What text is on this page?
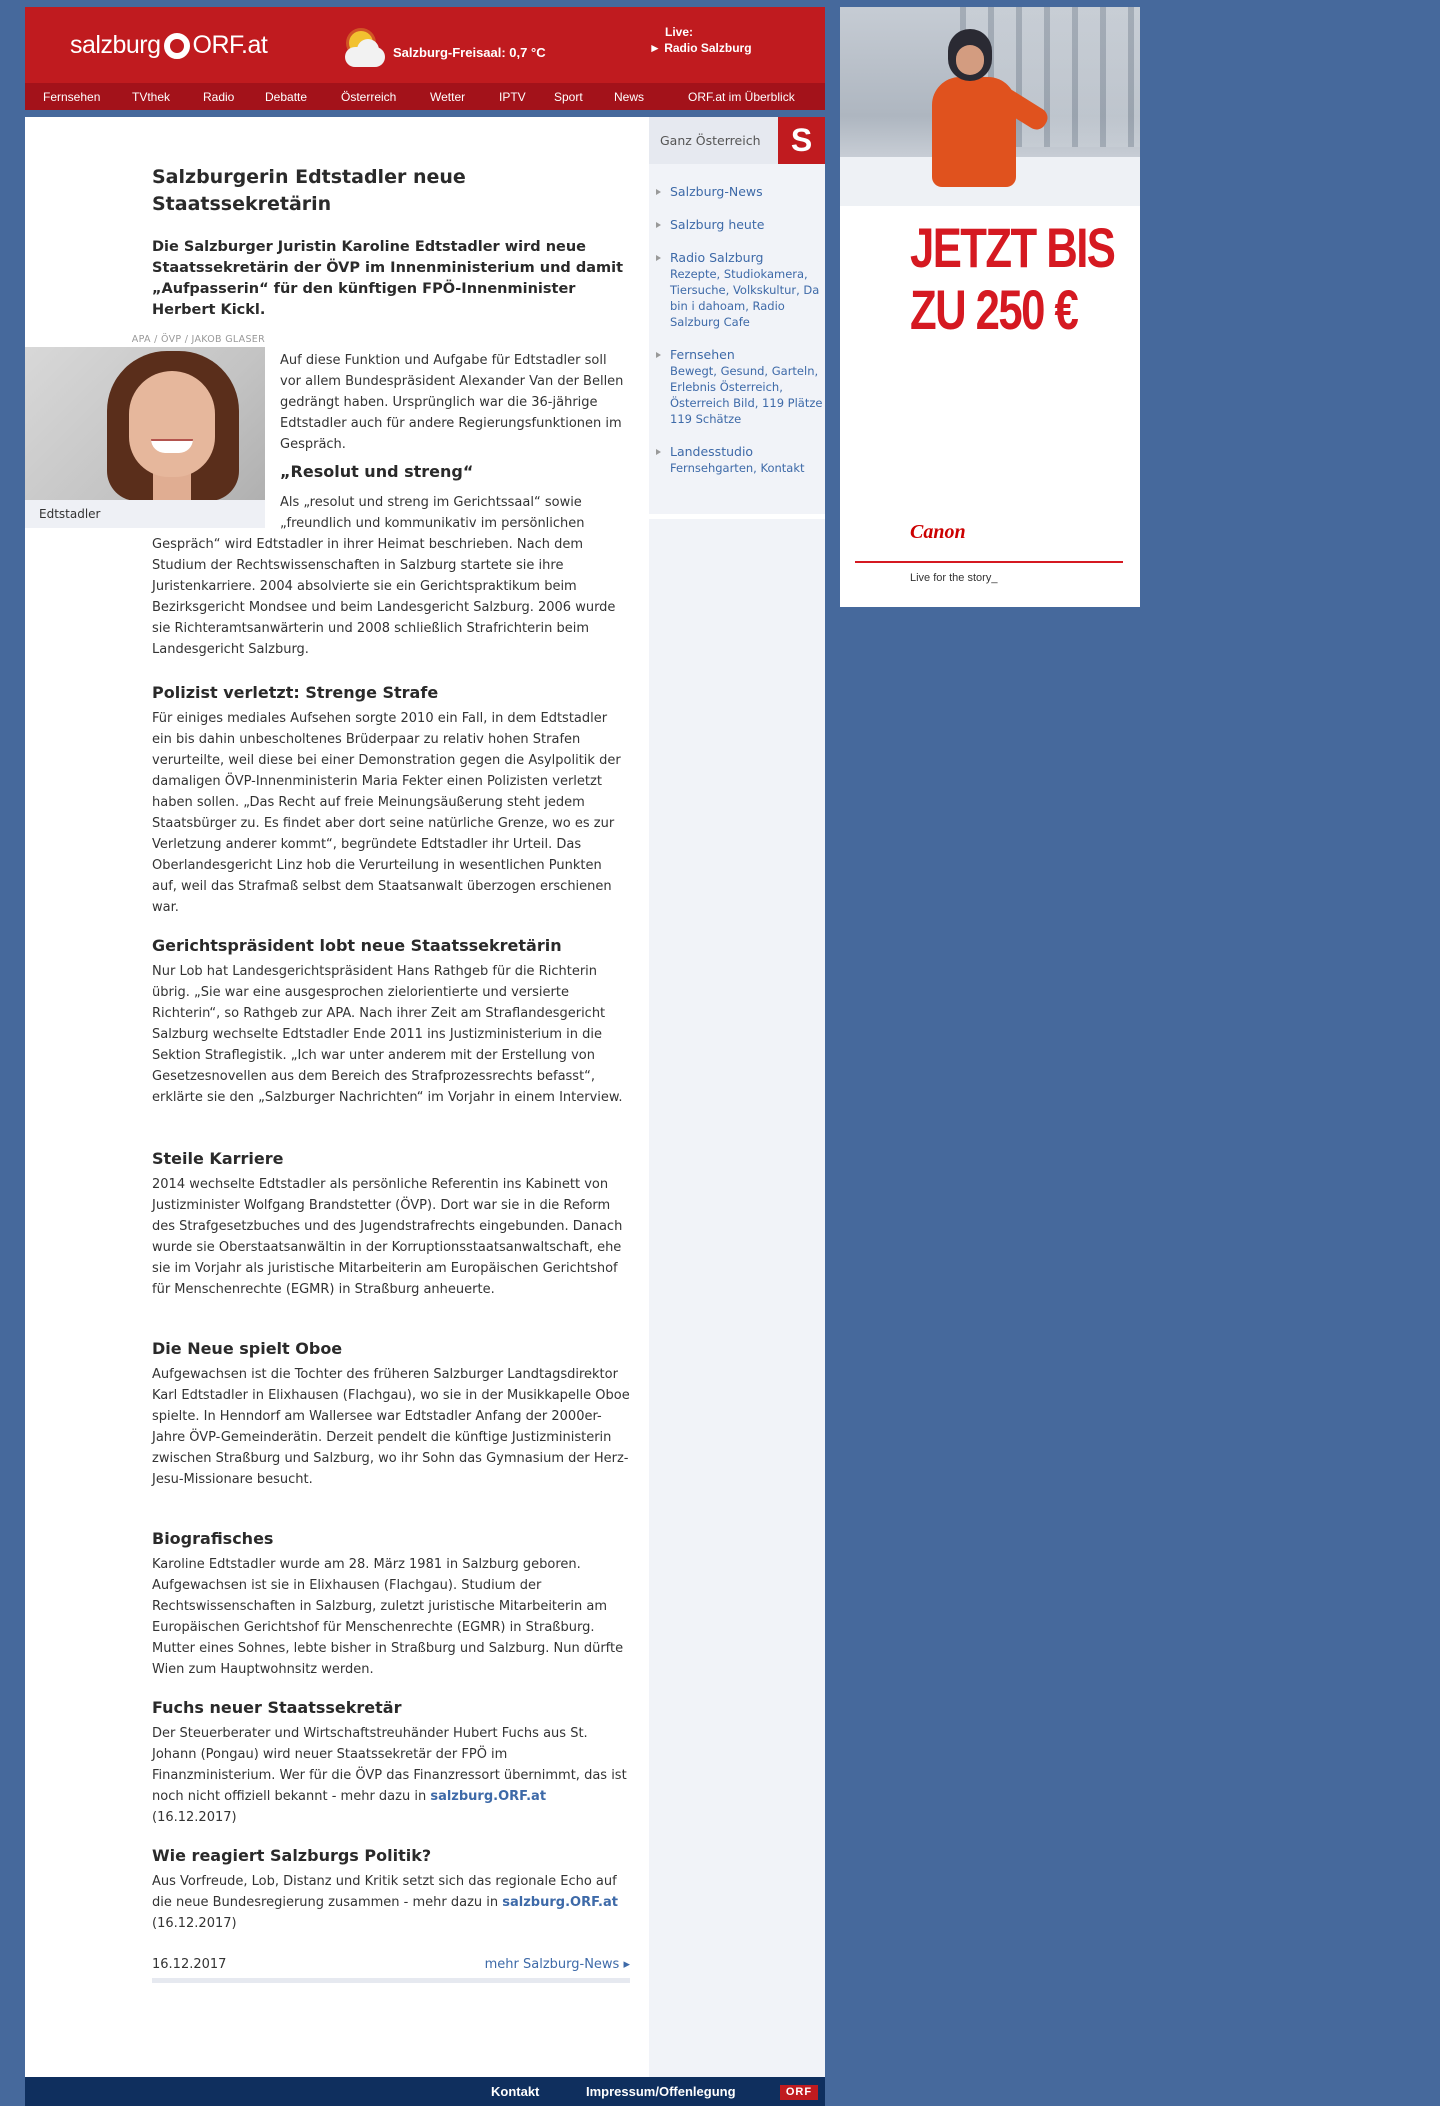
salzburg ORF.at	Salzburg-Freisaal: 0,7 °C
Live:
► Radio Salzburg
Fernsehen	TVthek	Radio	Debatte	Österreich	Wetter	IPTV Sport	News	ORF.at im Überblick
Salzburgerin Edtstadler neue Staatssekretärin

Die Salzburger Juristin Karoline Edtstadler wird neue Staatssekretärin der ÖVP im Innenministerium und damit „Aufpasserin“ für den künftigen FPÖ-Innenminister Herbert Kickl.

APA / ÖVP / JAKOB GLASER
Edtstadler

Auf diese Funktion und Aufgabe für Edtstadler soll vor allem Bundespräsident Alexander Van der Bellen gedrängt haben. Ursprünglich war die 36-jährige Edtstadler auch für andere Regierungsfunktionen im Gespräch.

„Resolut und streng“

Als „resolut und streng im Gerichtssaal“ sowie „freundlich und kommunikativ im persönlichen Gespräch“ wird Edtstadler in ihrer Heimat beschrieben. Nach dem Studium der Rechtswissenschaften in Salzburg startete sie ihre Juristenkarriere. 2004 absolvierte sie ein Gerichtspraktikum beim Bezirksgericht Mondsee und beim Landesgericht Salzburg. 2006 wurde sie Richteramtsanwärterin und 2008 schließlich Strafrichterin beim Landesgericht Salzburg.

Polizist verletzt: Strenge Strafe

Für einiges mediales Aufsehen sorgte 2010 ein Fall, in dem Edtstadler ein bis dahin unbescholtenes Brüderpaar zu relativ hohen Strafen verurteilte, weil diese bei einer Demonstration gegen die Asylpolitik der damaligen ÖVP-Innenministerin Maria Fekter einen Polizisten verletzt haben sollen. „Das Recht auf freie Meinungsäußerung steht jedem Staatsbürger zu. Es findet aber dort seine natürliche Grenze, wo es zur Verletzung anderer kommt“, begründete Edtstadler ihr Urteil. Das Oberlandesgericht Linz hob die Verurteilung in wesentlichen Punkten auf, weil das Strafmaß selbst dem Staatsanwalt überzogen erschienen war.

Gerichtspräsident lobt neue Staatssekretärin

Nur Lob hat Landesgerichtspräsident Hans Rathgeb für die Richterin übrig. „Sie war eine ausgesprochen zielorientierte und versierte Richterin“, so Rathgeb zur APA. Nach ihrer Zeit am Straflandesgericht Salzburg wechselte Edtstadler Ende 2011 ins Justizministerium in die Sektion Straflegistik. „Ich war unter anderem mit der Erstellung von Gesetzesnovellen aus dem Bereich des Strafprozessrechts befasst“, erklärte sie den „Salzburger Nachrichten“ im Vorjahr in einem Interview.

Steile Karriere

2014 wechselte Edtstadler als persönliche Referentin ins Kabinett von Justizminister Wolfgang Brandstetter (ÖVP). Dort war sie in die Reform des Strafgesetzbuches und des Jugendstrafrechts eingebunden. Danach wurde sie Oberstaatsanwältin in der Korruptionsstaatsanwaltschaft, ehe sie im Vorjahr als juristische Mitarbeiterin am Europäischen Gerichtshof für Menschenrechte (EGMR) in Straßburg anheuerte.

Die Neue spielt Oboe

Aufgewachsen ist die Tochter des früheren Salzburger Landtagsdirektor Karl Edtstadler in Elixhausen (Flachgau), wo sie in der Musikkapelle Oboe spielte. In Henndorf am Wallersee war Edtstadler Anfang der 2000er-Jahre ÖVP-Gemeinderätin. Derzeit pendelt die künftige Justizministerin zwischen Straßburg und Salzburg, wo ihr Sohn das Gymnasium der Herz-Jesu-Missionare besucht.

Biografisches

Karoline Edtstadler wurde am 28. März 1981 in Salzburg geboren. Aufgewachsen ist sie in Elixhausen (Flachgau). Studium der Rechtswissenschaften in Salzburg, zuletzt juristische Mitarbeiterin am Europäischen Gerichtshof für Menschenrechte (EGMR) in Straßburg. Mutter eines Sohnes, lebte bisher in Straßburg und Salzburg. Nun dürfte Wien zum Hauptwohnsitz werden.

Fuchs neuer Staatssekretär

Der Steuerberater und Wirtschaftstreuhänder Hubert Fuchs aus St. Johann (Pongau) wird neuer Staatssekretär der FPÖ im Finanzministerium. Wer für die ÖVP das Finanzressort übernimmt, das ist noch nicht offiziell bekannt - mehr dazu in salzburg.ORF.at (16.12.2017)

Wie reagiert Salzburgs Politik?

Aus Vorfreude, Lob, Distanz und Kritik setzt sich das regionale Echo auf die neue Bundesregierung zusammen - mehr dazu in salzburg.ORF.at (16.12.2017)

16.12.2017	mehr Salzburg-News ▸
Ganz Österreich S
Salzburg-News
Salzburg heute
Radio Salzburg
Rezepte, Studiokamera, Tiersuche, Volkskultur, Da bin i dahoam, Radio Salzburg Cafe
Fernsehen
Bewegt, Gesund, Garteln, Erlebnis Österreich, Österreich Bild, 119 Plätze 119 Schätze
Landesstudio
Fernsehgarten, Kontakt
Kontakt	Impressum/Offenlegung	ORF
JETZT BIS
ZU 250 €
Canon
Live for the story_
